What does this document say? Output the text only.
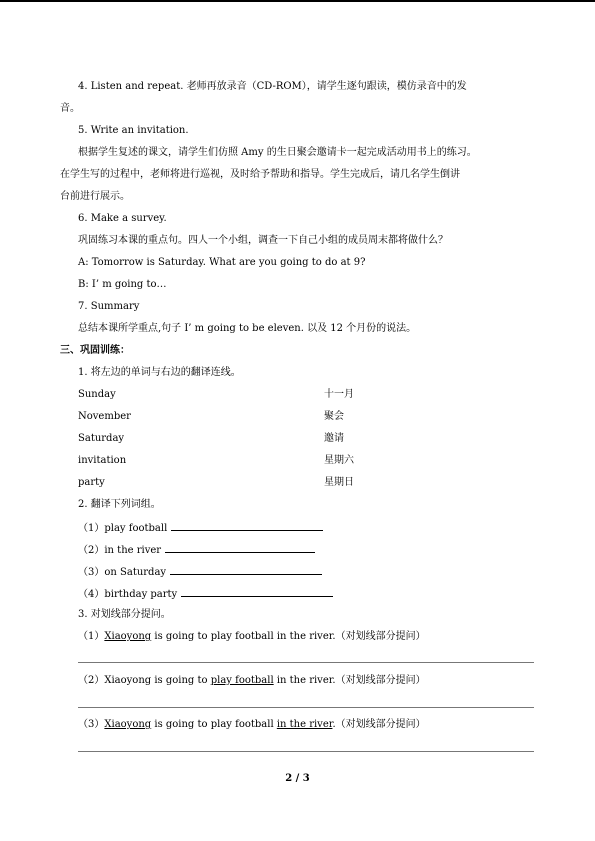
4. Listen and repeat. 老师再放录音（CD-ROM），请学生逐句跟读，模仿录音中的发
音。
5. Write an invitation.
根据学生复述的课文，请学生们仿照 Amy 的生日聚会邀请卡一起完成活动用书上的练习。
在学生写的过程中，老师将进行巡视，及时给予帮助和指导。学生完成后，请几名学生倒讲
台前进行展示。
6. Make a survey.
巩固练习本课的重点句。四人一个小组，调查一下自己小组的成员周末都将做什么？
A: Tomorrow is Saturday. What are you going to do at 9?
B: I’ m going to…
7. Summary
总结本课所学重点,句子 I’ m going to be eleven. 以及 12 个月份的说法。
三、巩固训练：
1. 将左边的单词与右边的翻译连线。
Sunday	十一月
November	聚会
Saturday	邀请
invitation	星期六
party	星期日
2. 翻译下列词组。
（1）play football
（2）in the river
（3）on Saturday
（4）birthday party
3. 对划线部分提问。
（1）Xiaoyong is going to play football in the river.（对划线部分提问）
（2）Xiaoyong is going to play football in the river.（对划线部分提问）
（3）Xiaoyong is going to play football in the river.（对划线部分提问）
2 / 3
